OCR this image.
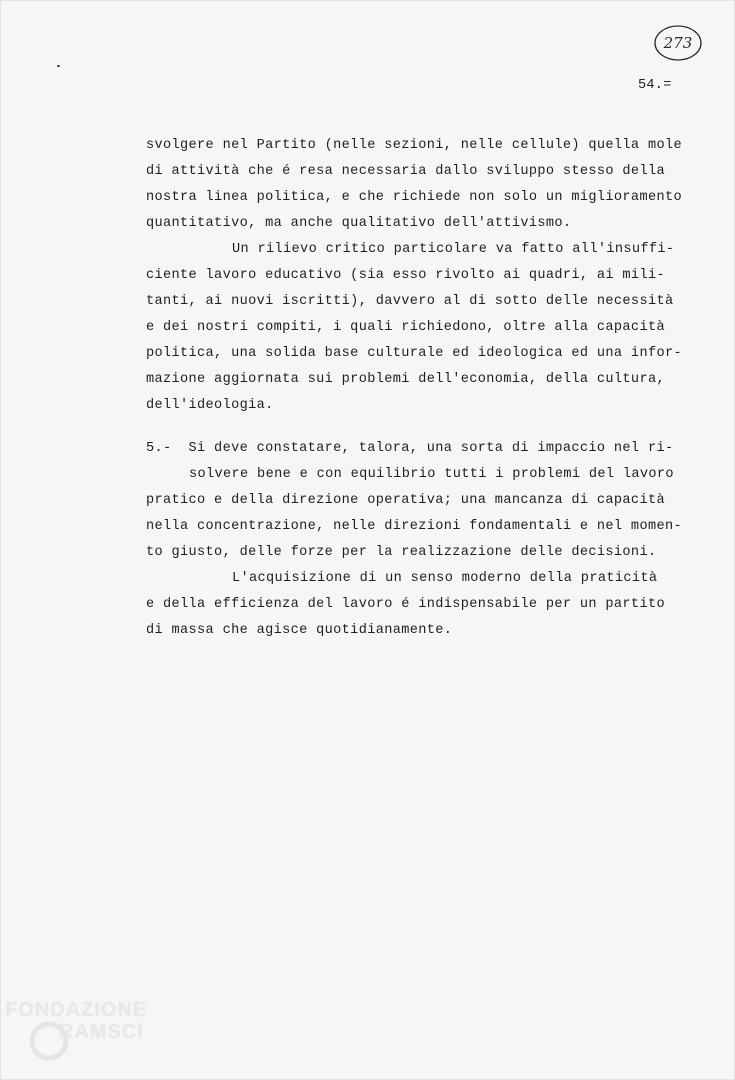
273
54.=
svolgere nel Partito (nelle sezioni, nelle cellule) quella mole
di attività che é resa necessaria dallo sviluppo stesso della
nostra linea politica, e che richiede non solo un miglioramento
quantitativo, ma anche qualitativo dell'attivismo.
Un rilievo critico particolare va fatto all'insuffi-
ciente lavoro educativo (sia esso rivolto ai quadri, ai mili-
tanti, ai nuovi iscritti), davvero al di sotto delle necessità
e dei nostri compiti, i quali richiedono, oltre alla capacità
politica, una solida base culturale ed ideologica ed una infor-
mazione aggiornata sui problemi dell'economia, della cultura,
dell'ideologia.
5.-  Si deve constatare, talora, una sorta di impaccio nel ri-
solvere bene e con equilibrio tutti i problemi del lavoro
pratico e della direzione operativa; una mancanza di capacità
nella concentrazione, nelle direzioni fondamentali e nel momen-
to giusto, delle forze per la realizzazione delle decisioni.
L'acquisizione di un senso moderno della praticità
e della efficienza del lavoro é indispensabile per un partito
di massa che agisce quotidianamente.
FONDAZIONE
RAMSCI
